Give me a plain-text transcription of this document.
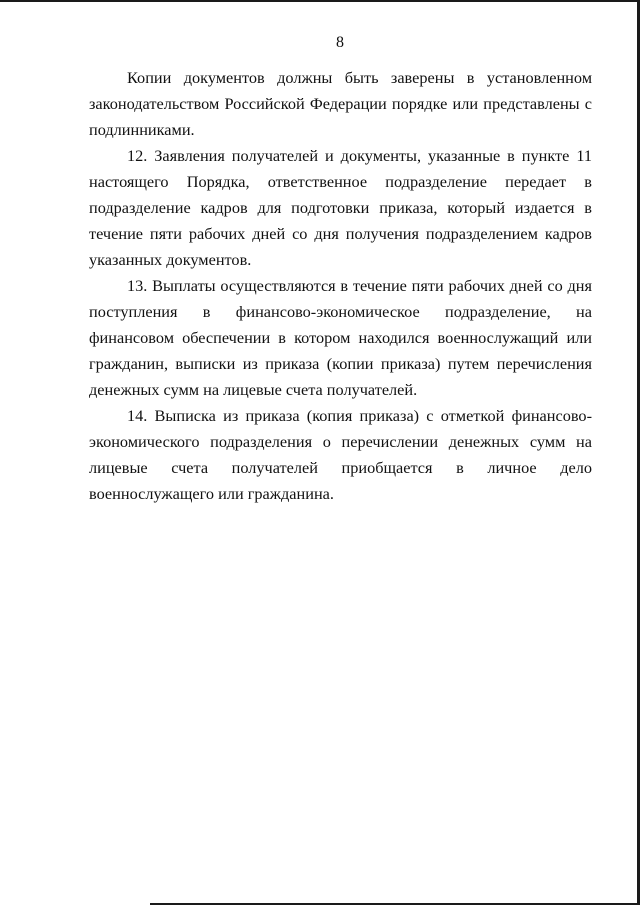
8

Копии документов должны быть заверены в установленном законодательством Российской Федерации порядке или представлены с подлинниками.

12. Заявления получателей и документы, указанные в пункте 11 настоящего Порядка, ответственное подразделение передает в подразделение кадров для подготовки приказа, который издается в течение пяти рабочих дней со дня получения подразделением кадров указанных документов.

13. Выплаты осуществляются в течение пяти рабочих дней со дня поступления в финансово-экономическое подразделение, на финансовом обеспечении в котором находился военнослужащий или гражданин, выписки из приказа (копии приказа) путем перечисления денежных сумм на лицевые счета получателей.

14. Выписка из приказа (копия приказа) с отметкой финансово-экономического подразделения о перечислении денежных сумм на лицевые счета получателей приобщается в личное дело военнослужащего или гражданина.
